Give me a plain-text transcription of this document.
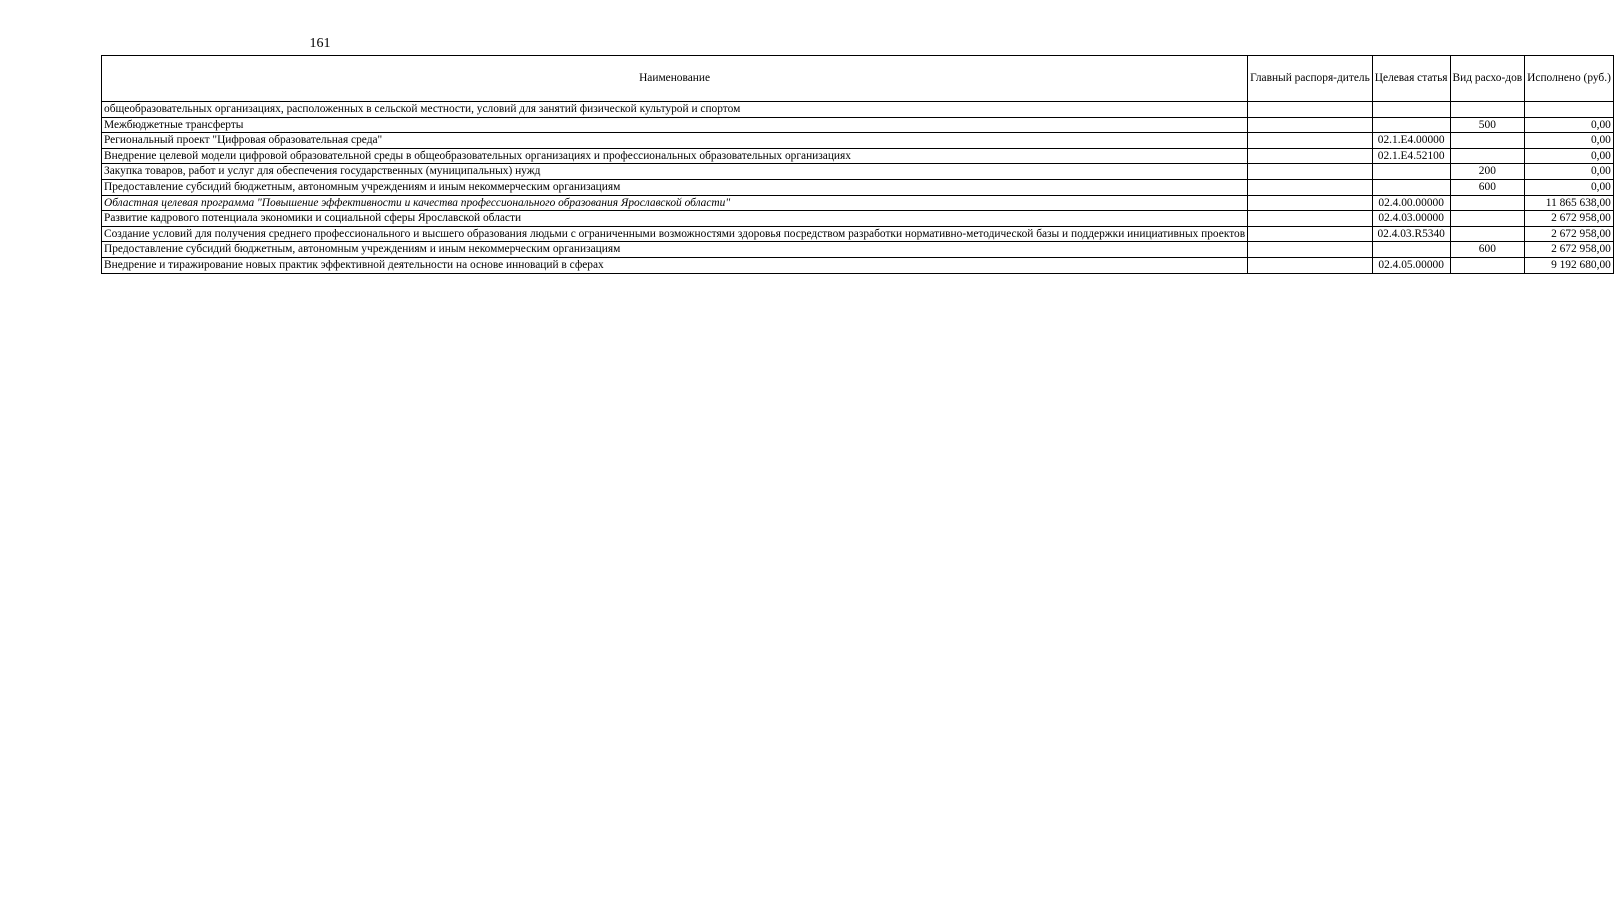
161
Наименование	Главный распоря-дитель	Целевая статья	Вид расхо-дов	Исполнено (руб.)
общеобразовательных организациях, расположенных в сельской местности, условий для занятий физической культурой и спортом				
Межбюджетные трансферты			500	0,00
Региональный проект "Цифровая образовательная среда"		02.1.E4.00000		0,00
Внедрение целевой модели цифровой образовательной среды в общеобразовательных организациях и профессиональных образовательных организациях		02.1.E4.52100		0,00
Закупка товаров, работ и услуг для обеспечения государственных (муниципальных) нужд			200	0,00
Предоставление субсидий бюджетным, автономным учреждениям и иным некоммерческим организациям			600	0,00
Областная целевая программа "Повышение эффективности и качества профессионального образования Ярославской области"		02.4.00.00000		11 865 638,00
Развитие кадрового потенциала экономики и социальной сферы Ярославской области		02.4.03.00000		2 672 958,00
Создание условий для получения среднего профессионального и высшего образования людьми с ограниченными возможностями здоровья посредством разработки нормативно-методической базы и поддержки инициативных проектов		02.4.03.R5340		2 672 958,00
Предоставление субсидий бюджетным, автономным учреждениям и иным некоммерческим организациям			600	2 672 958,00
Внедрение и тиражирование новых практик эффективной деятельности на основе инноваций в сферах		02.4.05.00000		9 192 680,00
